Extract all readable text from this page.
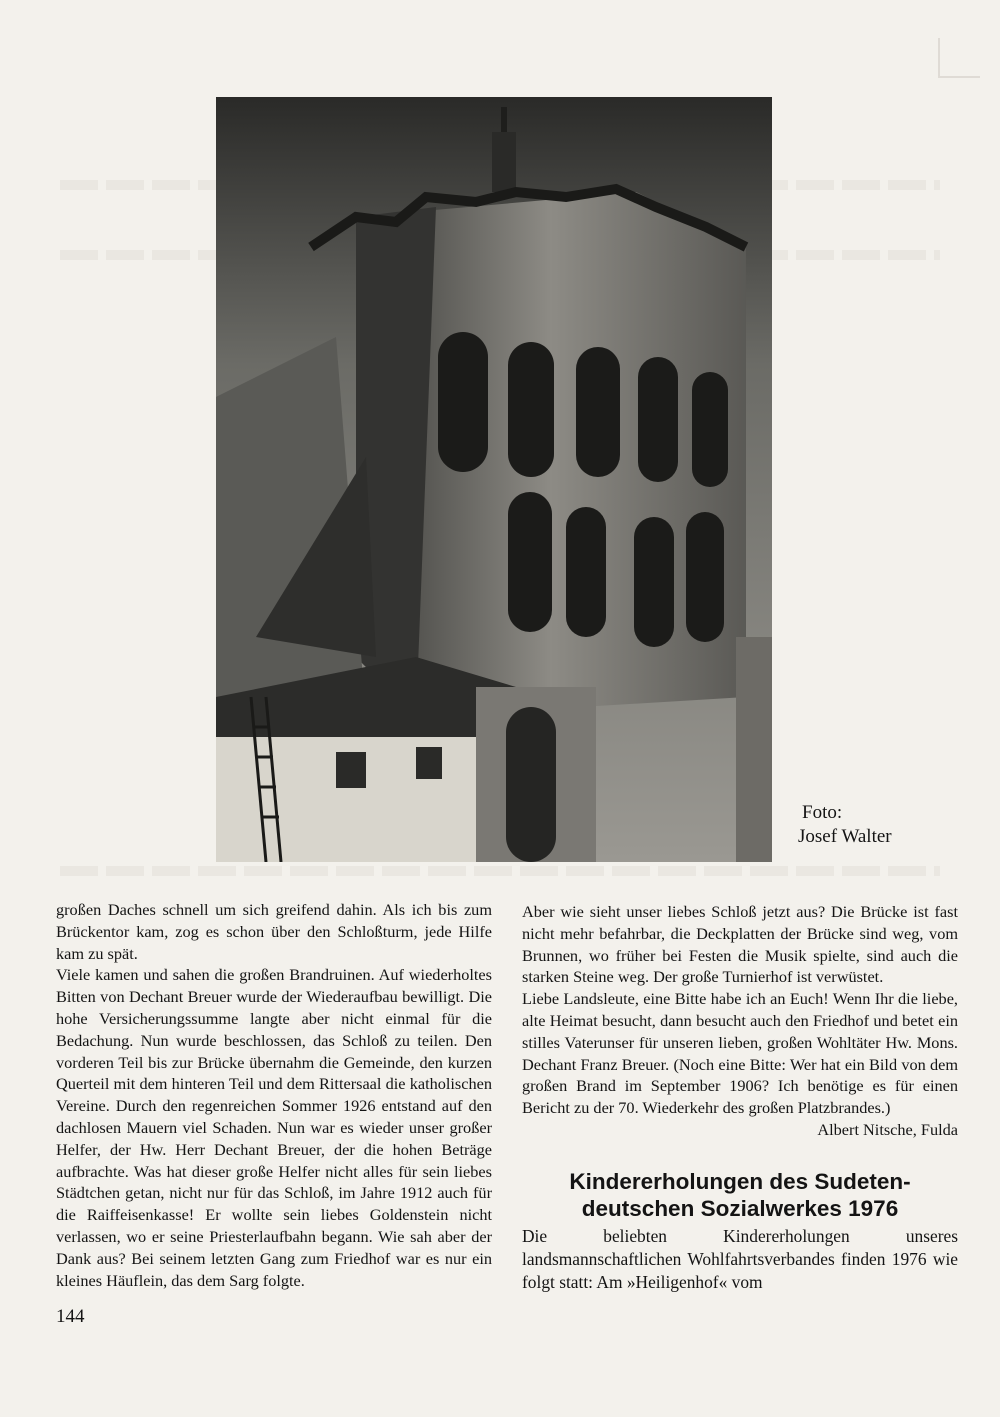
Foto:
Josef Walter

großen Daches schnell um sich greifend dahin. Als ich bis zum Brückentor kam, zog es schon über den Schloßturm, jede Hilfe kam zu spät.

Viele kamen und sahen die großen Brandruinen. Auf wiederholtes Bitten von Dechant Breuer wurde der Wiederaufbau bewilligt. Die hohe Versicherungssumme langte aber nicht einmal für die Bedachung. Nun wurde beschlossen, das Schloß zu teilen. Den vorderen Teil bis zur Brücke übernahm die Gemeinde, den kurzen Querteil mit dem hinteren Teil und dem Rittersaal die katholischen Vereine. Durch den regenreichen Sommer 1926 entstand auf den dachlosen Mauern viel Schaden. Nun war es wieder unser großer Helfer, der Hw. Herr Dechant Breuer, der die hohen Beträge aufbrachte. Was hat dieser große Helfer nicht alles für sein liebes Städtchen getan, nicht nur für das Schloß, im Jahre 1912 auch für die Raiffeisenkasse! Er wollte sein liebes Goldenstein nicht verlassen, wo er seine Priesterlaufbahn begann. Wie sah aber der Dank aus? Bei seinem letzten Gang zum Friedhof war es nur ein kleines Häuflein, das dem Sarg folgte.

Aber wie sieht unser liebes Schloß jetzt aus? Die Brücke ist fast nicht mehr befahrbar, die Deckplatten der Brücke sind weg, vom Brunnen, wo früher bei Festen die Musik spielte, sind auch die starken Steine weg. Der große Turnierhof ist verwüstet.

Liebe Landsleute, eine Bitte habe ich an Euch! Wenn Ihr die liebe, alte Heimat besucht, dann besucht auch den Friedhof und betet ein stilles Vaterunser für unseren lieben, großen Wohltäter Hw. Mons. Dechant Franz Breuer. (Noch eine Bitte: Wer hat ein Bild von dem großen Brand im September 1906? Ich benötige es für einen Bericht zu der 70. Wiederkehr des großen Platzbrandes.)

Albert Nitsche, Fulda

Kindererholungen des Sudeten-
deutschen Sozialwerkes 1976
Die beliebten Kindererholungen unseres landsmannschaftlichen Wohlfahrtsverbandes finden 1976 wie folgt statt: Am »Heiligenhof« vom
144
